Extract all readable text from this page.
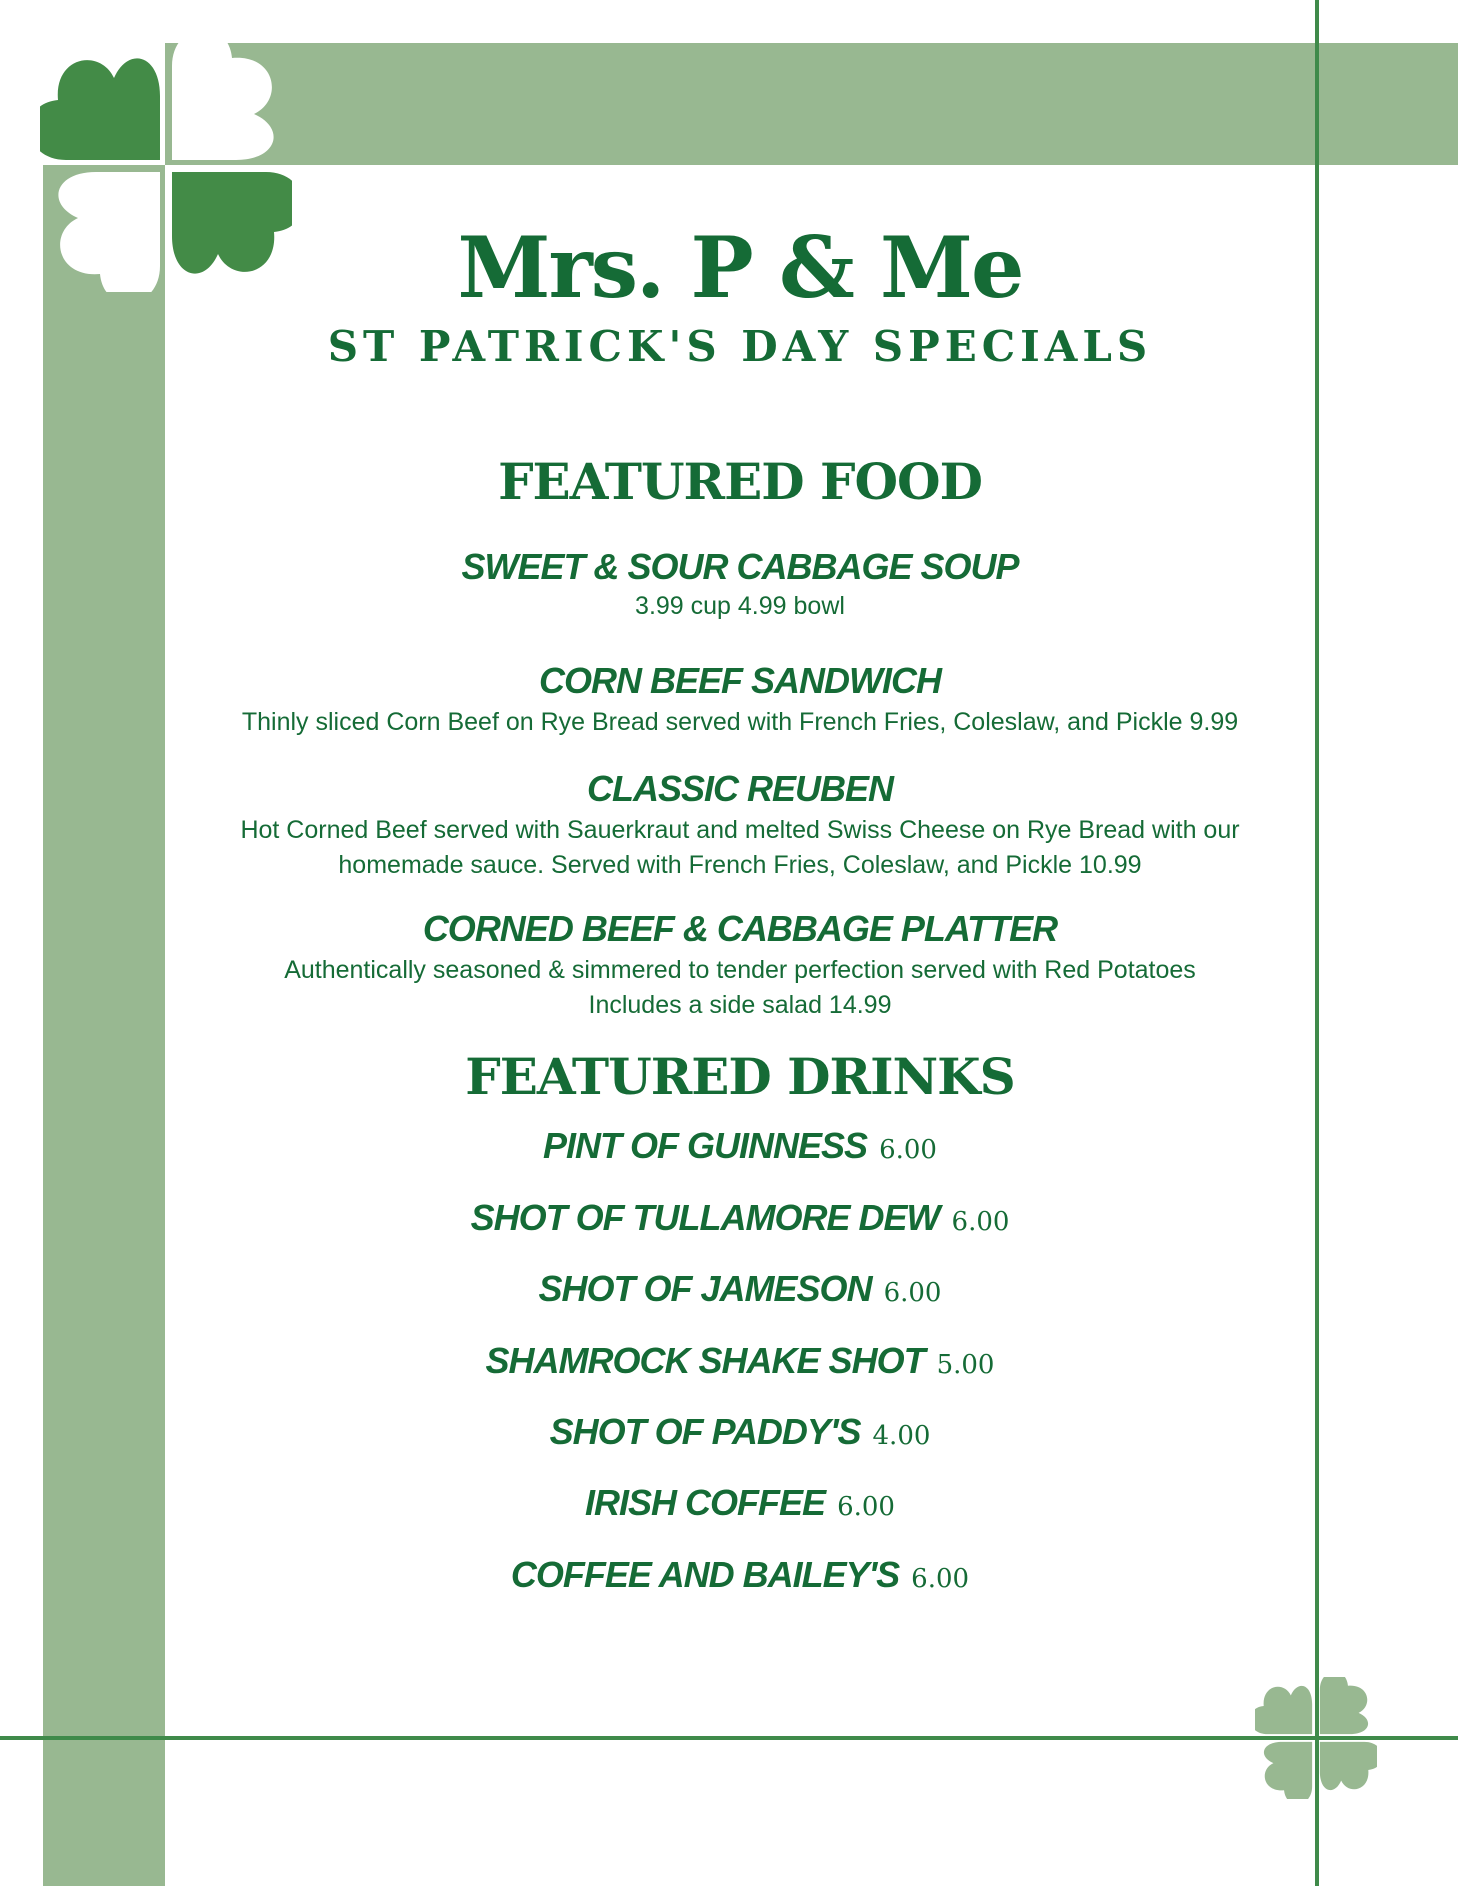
Mrs. P & Me
ST PATRICK'S DAY SPECIALS
FEATURED FOOD
SWEET & SOUR CABBAGE SOUP
3.99 cup 4.99 bowl
CORN BEEF SANDWICH
Thinly sliced Corn Beef on Rye Bread served with French Fries, Coleslaw, and Pickle 9.99
CLASSIC REUBEN
Hot Corned Beef served with Sauerkraut and melted Swiss Cheese on Rye Bread with our
homemade sauce. Served with French Fries, Coleslaw, and Pickle 10.99
CORNED BEEF & CABBAGE PLATTER
Authentically seasoned & simmered to tender perfection served with Red Potatoes
Includes a side salad 14.99
FEATURED DRINKS
PINT OF GUINNESS 6.00
SHOT OF TULLAMORE DEW 6.00
SHOT OF JAMESON 6.00
SHAMROCK SHAKE SHOT 5.00
SHOT OF PADDY'S 4.00
IRISH COFFEE 6.00
COFFEE AND BAILEY'S 6.00
